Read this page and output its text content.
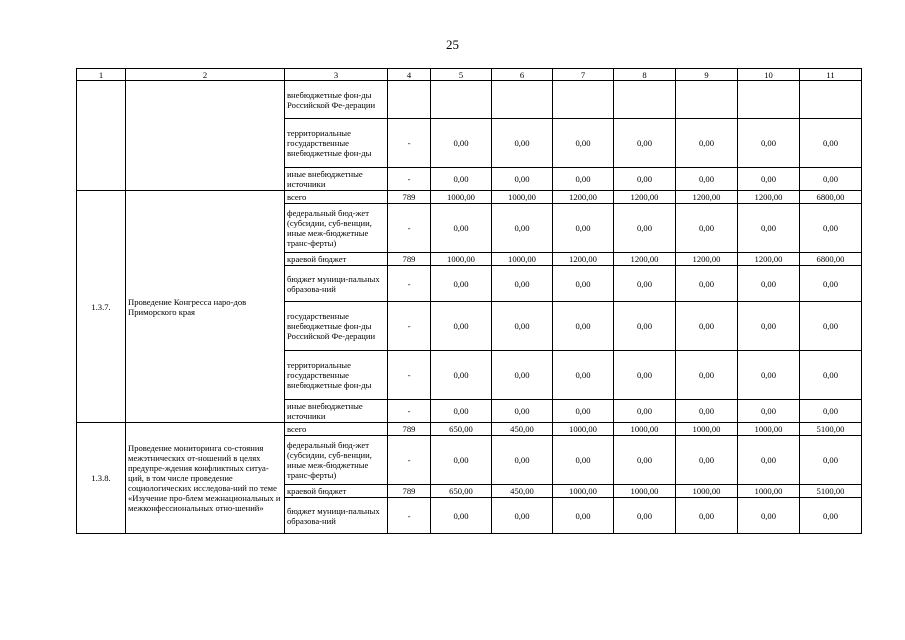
25
1	2	3	4	5	6	7	8	9	10	11
		внебюджетные фон-ды Российской Фе-дерации								
		территориальные государственные внебюджетные фон-ды	-	0,00	0,00	0,00	0,00	0,00	0,00	0,00
		иные внебюджетные источники	-	0,00	0,00	0,00	0,00	0,00	0,00	0,00
1.3.7.	Проведение Конгресса наро-дов Приморского края	всего	789	1000,00	1000,00	1200,00	1200,00	1200,00	1200,00	6800,00
		федеральный бюд-жет (субсидии, суб-венции, иные меж-бюджетные транс-ферты)	-	0,00	0,00	0,00	0,00	0,00	0,00	0,00
		краевой бюджет	789	1000,00	1000,00	1200,00	1200,00	1200,00	1200,00	6800,00
		бюджет муници-пальных образова-ний	-	0,00	0,00	0,00	0,00	0,00	0,00	0,00
		государственные внебюджетные фон-ды Российской Фе-дерации	-	0,00	0,00	0,00	0,00	0,00	0,00	0,00
		территориальные государственные внебюджетные фон-ды	-	0,00	0,00	0,00	0,00	0,00	0,00	0,00
		иные внебюджетные источники	-	0,00	0,00	0,00	0,00	0,00	0,00	0,00
1.3.8.	Проведение мониторинга со-стояния межэтнических от-ношений в целях предупре-ждения конфликтных ситуа-ций, в том числе проведение социологических исследова-ний по теме «Изучение про-блем межнациональных и межконфессиональных отно-шений»	всего	789	650,00	450,00	1000,00	1000,00	1000,00	1000,00	5100,00
		федеральный бюд-жет (субсидии, суб-венции, иные меж-бюджетные транс-ферты)	-	0,00	0,00	0,00	0,00	0,00	0,00	0,00
		краевой бюджет	789	650,00	450,00	1000,00	1000,00	1000,00	1000,00	5100,00
		бюджет муници-пальных образова-ний	-	0,00	0,00	0,00	0,00	0,00	0,00	0,00
